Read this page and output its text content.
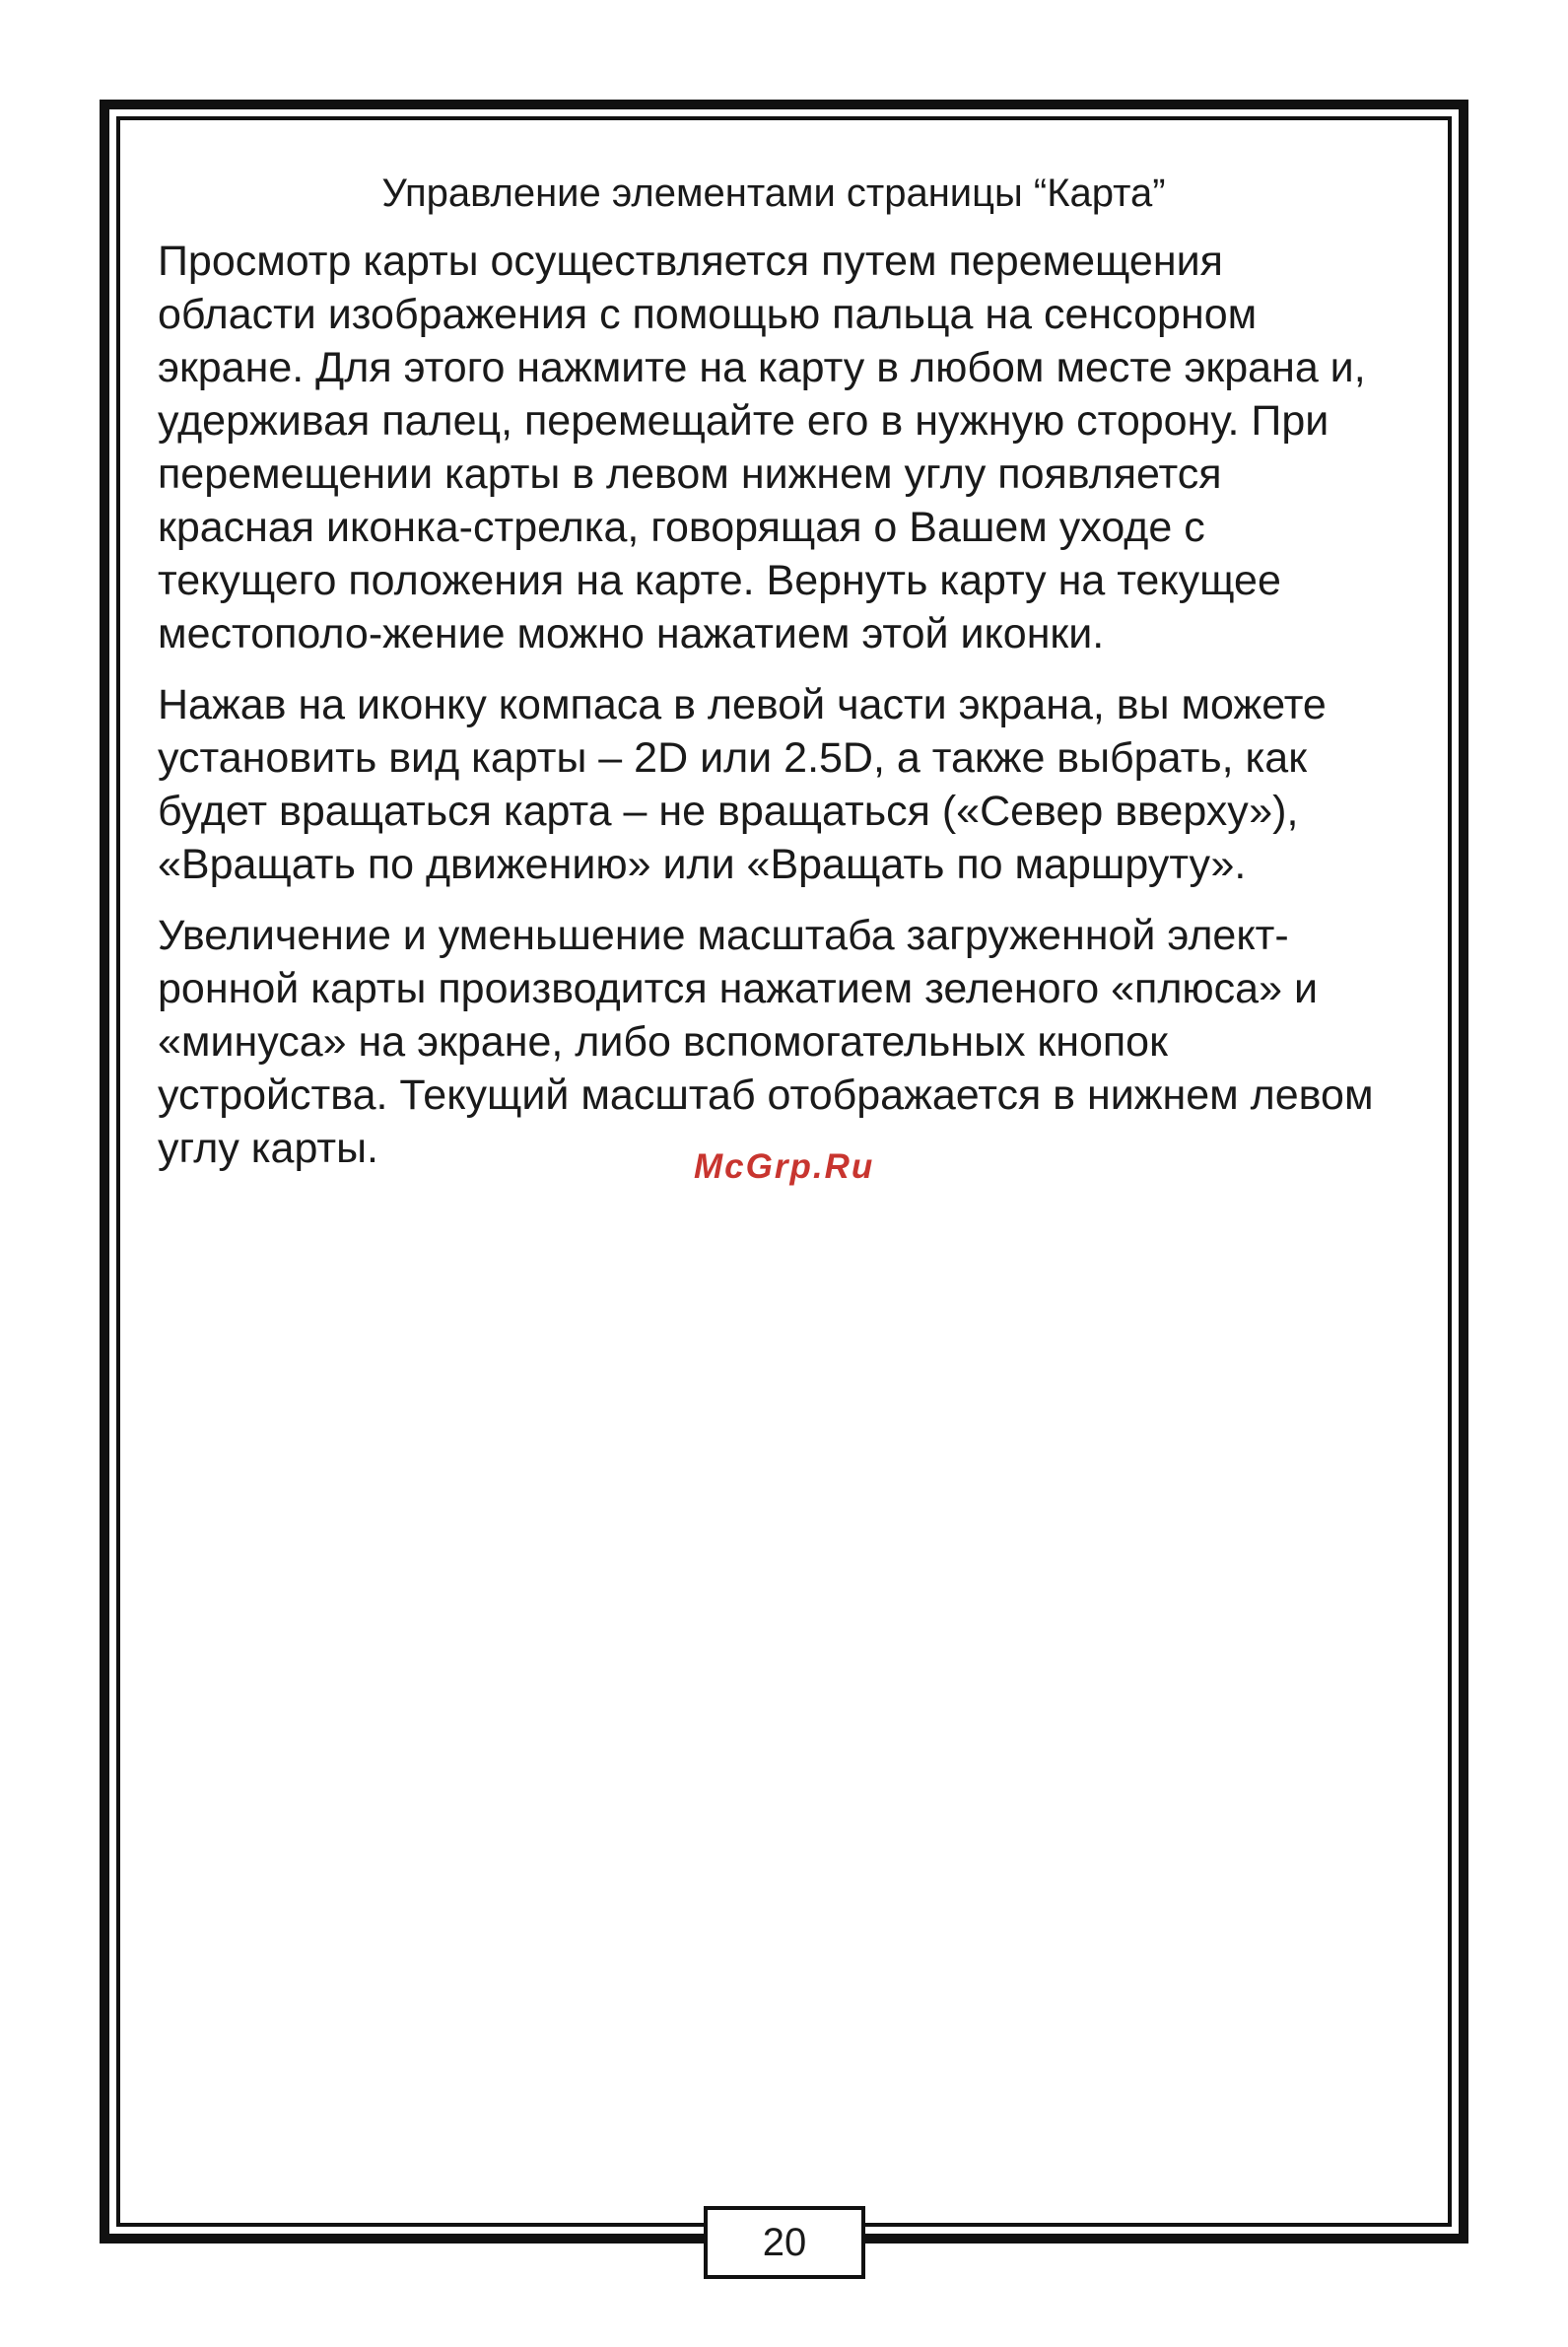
Управление элементами страницы “Карта”

Просмотр карты осуществляется путем перемещения области изображения с помощью пальца на сенсорном экране. Для этого нажмите на карту в любом месте экрана и, удерживая палец, перемещайте его в нужную сторону. При перемещении карты в левом нижнем углу появляется красная иконка-стрелка, говорящая о Вашем уходе с текущего положения на карте. Вернуть карту на текущее местополо-жение можно нажатием этой иконки.

Нажав на иконку компаса в левой части экрана, вы можете установить вид карты – 2D или 2.5D, а также выбрать, как будет вращаться карта – не вращаться («Север вверху»), «Вращать по движению» или «Вращать по маршруту».

Увеличение и уменьшение масштаба загруженной элект-ронной карты производится нажатием зеленого «плюса» и «минуса» на экране, либо вспомогательных кнопок устройства. Текущий масштаб отображается в нижнем левом углу карты.	McGrp.Ru
20
